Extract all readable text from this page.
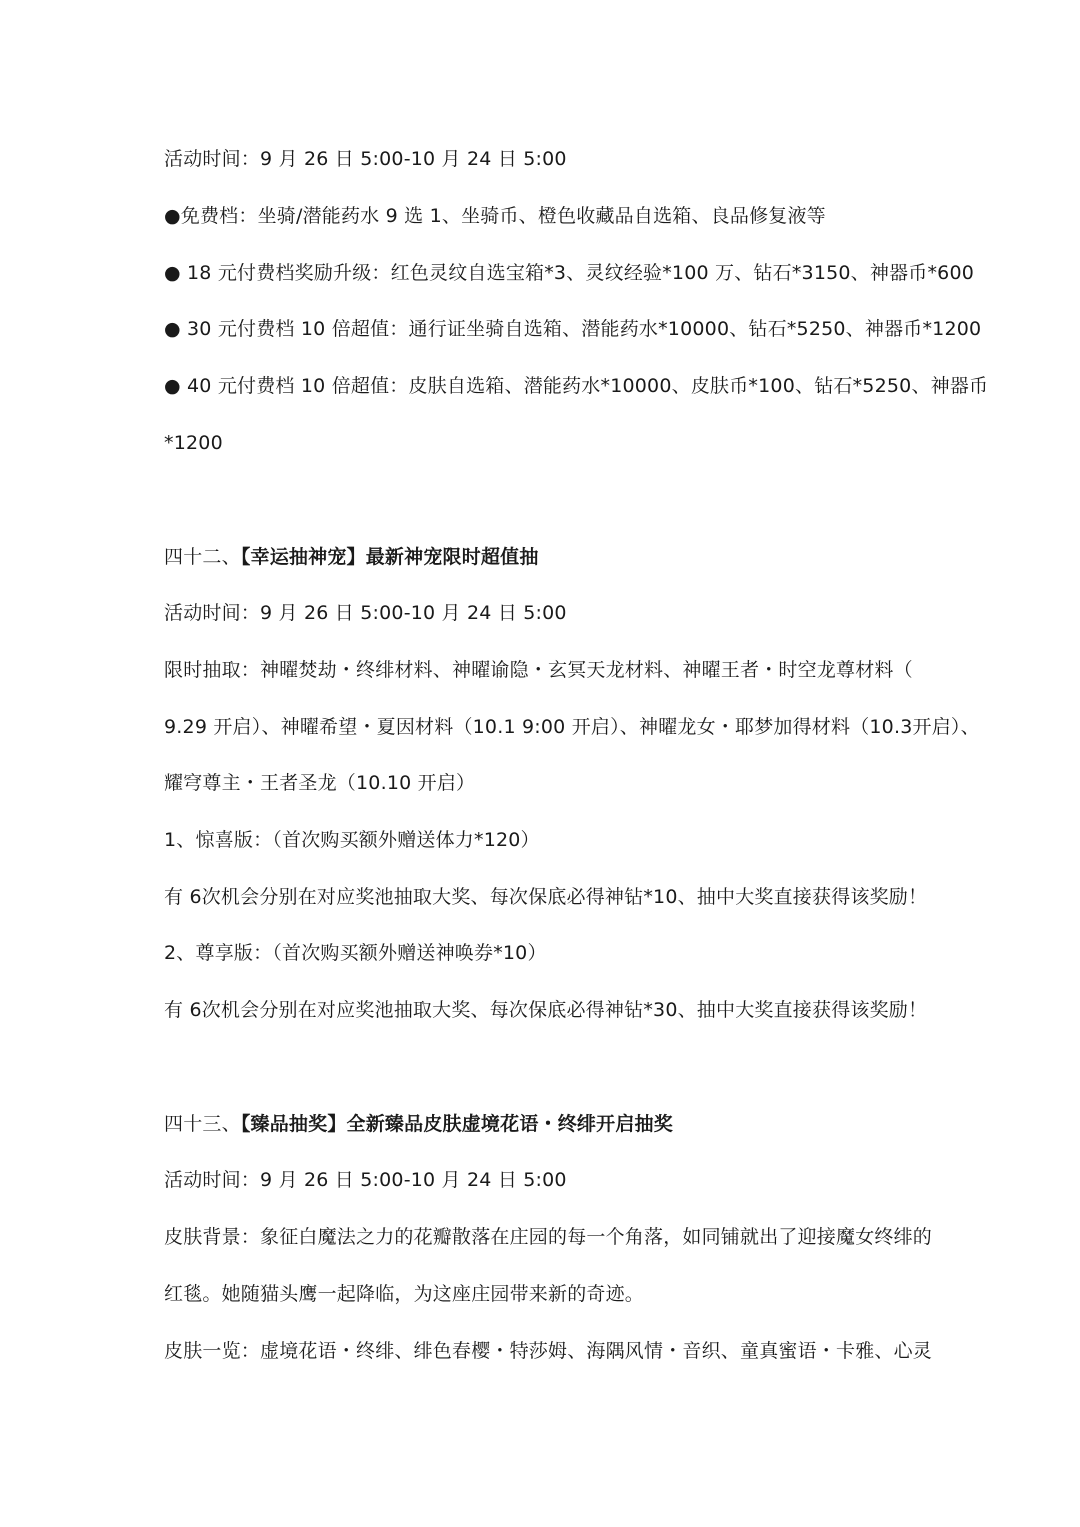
活动时间：9 月 26 日 5:00-10 月 24 日 5:00
●免费档：坐骑/潜能药水 9 选 1、坐骑币、橙色收藏品自选箱、良品修复液等
● 18 元付费档奖励升级：红色灵纹自选宝箱*3、灵纹经验*100 万、钻石*3150、神器币*600
● 30 元付费档 10 倍超值：通行证坐骑自选箱、潜能药水*10000、钻石*5250、神器币*1200
● 40 元付费档 10 倍超值：皮肤自选箱、潜能药水*10000、皮肤币*100、钻石*5250、神器币
*1200
四十二、【幸运抽神宠】最新神宠限时超值抽
活动时间：9 月 26 日 5:00-10 月 24 日 5:00
限时抽取：神曜焚劫・终绯材料、神曜谕隐・玄冥天龙材料、神曜王者・时空龙尊材料（
9.29 开启）、神曜希望・夏因材料（10.1 9:00 开启）、神曜龙女・耶梦加得材料（10.3开启）、
耀穹尊主・王者圣龙（10.10 开启）
1、惊喜版：（首次购买额外赠送体力*120）
有 6次机会分别在对应奖池抽取大奖、每次保底必得神钻*10、抽中大奖直接获得该奖励！
2、尊享版：（首次购买额外赠送神唤券*10）
有 6次机会分别在对应奖池抽取大奖、每次保底必得神钻*30、抽中大奖直接获得该奖励！
四十三、【臻品抽奖】全新臻品皮肤虚境花语・终绯开启抽奖
活动时间：9 月 26 日 5:00-10 月 24 日 5:00
皮肤背景：象征白魔法之力的花瓣散落在庄园的每一个角落，如同铺就出了迎接魔女终绯的
红毯。她随猫头鹰一起降临，为这座庄园带来新的奇迹。
皮肤一览：虚境花语・终绯、绯色春樱・特莎姆、海隅风情・音织、童真蜜语・卡雅、心灵
